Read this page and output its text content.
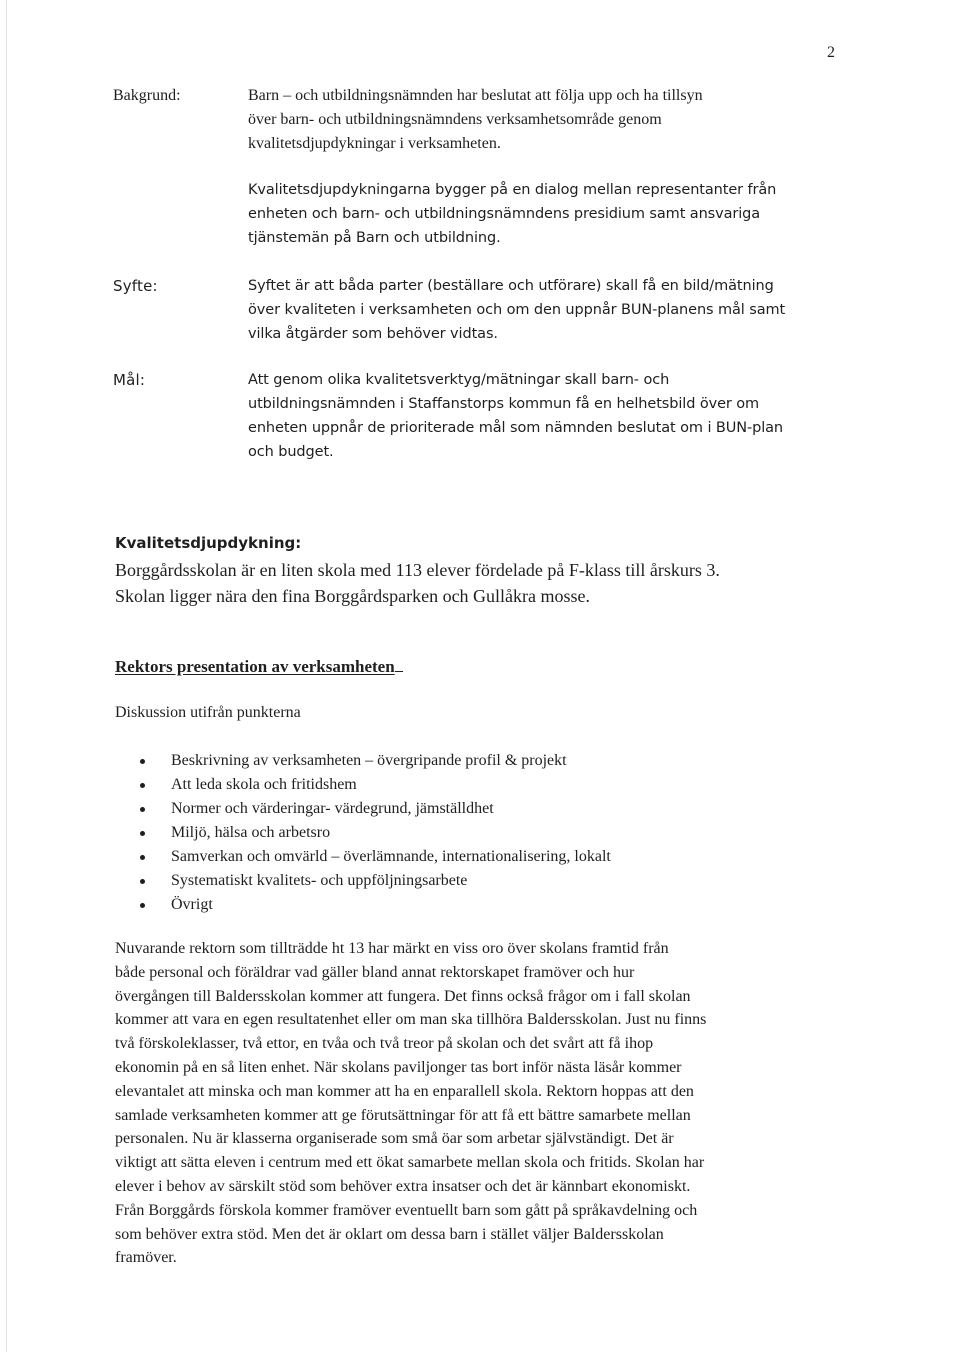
2
Bakgrund:	Barn – och utbildningsnämnden har beslutat att följa upp och ha tillsyn
över barn- och utbildningsnämndens verksamhetsområde genom
kvalitetsdjupdykningar i verksamheten.

Kvalitetsdjupdykningarna bygger på en dialog mellan representanter från
enheten och barn- och utbildningsnämndens presidium samt ansvariga
tjänstemän på Barn och utbildning.

Syfte:	Syftet är att båda parter (beställare och utförare) skall få en bild/mätning
över kvaliteten i verksamheten och om den uppnår BUN-planens mål samt
vilka åtgärder som behöver vidtas.

Mål:	Att genom olika kvalitetsverktyg/mätningar skall barn- och
utbildningsnämnden i Staffanstorps kommun få en helhetsbild över om
enheten uppnår de prioriterade mål som nämnden beslutat om i BUN-plan
och budget.

Kvalitetsdjupdykning:

Borggårdsskolan är en liten skola med 113 elever fördelade på F-klass till årskurs 3.
Skolan ligger nära den fina Borggårdsparken och Gullåkra mosse.

Rektors presentation av verksamheten
Diskussion utifrån punkterna
Beskrivning av verksamheten – övergripande profil & projekt
Att leda skola och fritidshem
Normer och värderingar- värdegrund, jämställdhet
Miljö, hälsa och arbetsro
Samverkan och omvärld – överlämnande, internationalisering, lokalt
Systematiskt kvalitets- och uppföljningsarbete
Övrigt

Nuvarande rektorn som tillträdde ht 13 har märkt en viss oro över skolans framtid från
både personal och föräldrar vad gäller bland annat rektorskapet framöver och hur
övergången till Baldersskolan kommer att fungera. Det finns också frågor om i fall skolan
kommer att vara en egen resultatenhet eller om man ska tillhöra Baldersskolan. Just nu finns
två förskoleklasser, två ettor, en tvåa och två treor på skolan och det svårt att få ihop
ekonomin på en så liten enhet. När skolans paviljonger tas bort inför nästa läsår kommer
elevantalet att minska och man kommer att ha en enparallell skola. Rektorn hoppas att den
samlade verksamheten kommer att ge förutsättningar för att få ett bättre samarbete mellan
personalen. Nu är klasserna organiserade som små öar som arbetar självständigt. Det är
viktigt att sätta eleven i centrum med ett ökat samarbete mellan skola och fritids. Skolan har
elever i behov av särskilt stöd som behöver extra insatser och det är kännbart ekonomiskt.
Från Borggårds förskola kommer framöver eventuellt barn som gått på språkavdelning och
som behöver extra stöd. Men det är oklart om dessa barn i stället väljer Baldersskolan
framöver.
